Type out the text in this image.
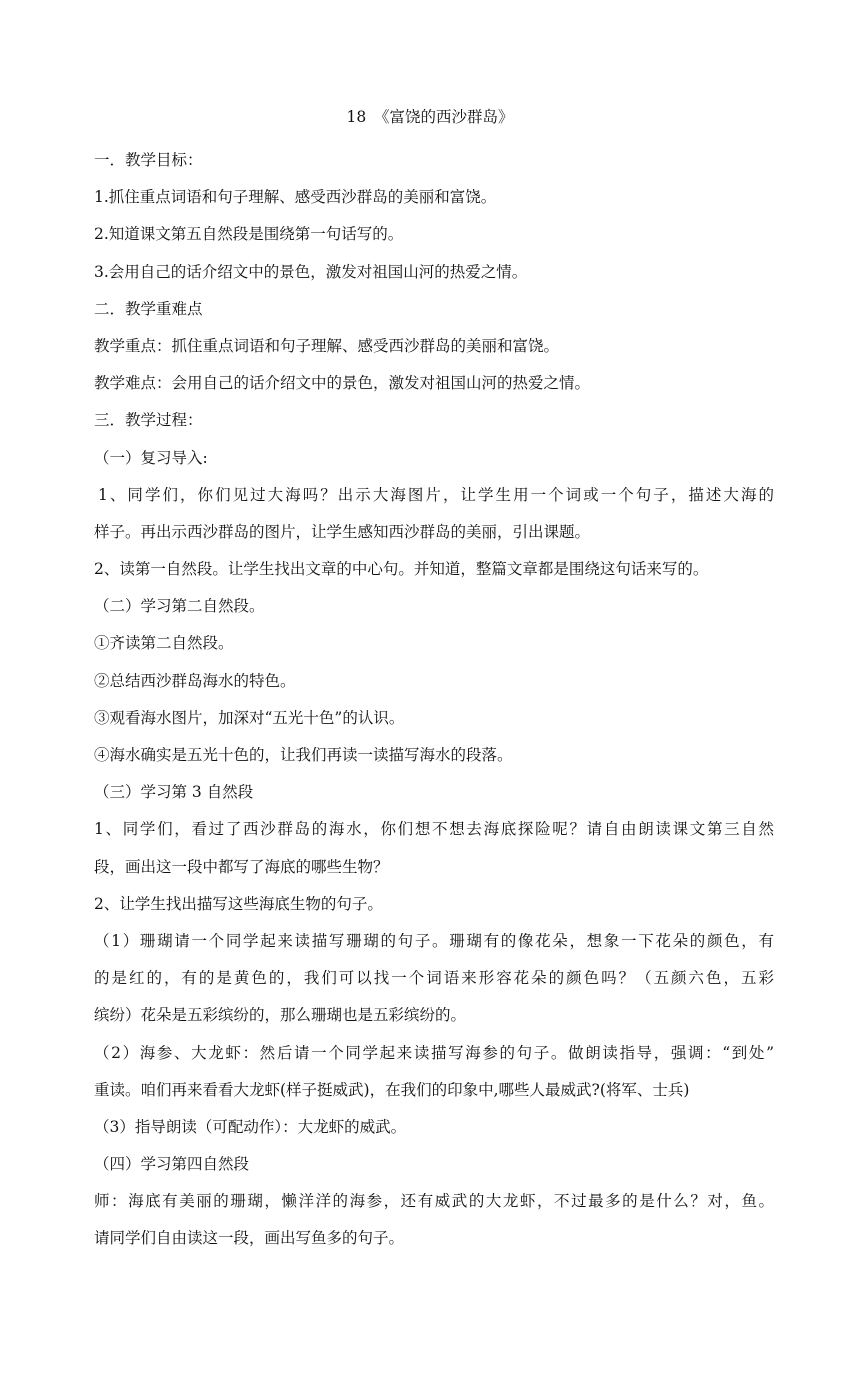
18　《富饶的西沙群岛》
一．教学目标：
1.抓住重点词语和句子理解、感受西沙群岛的美丽和富饶。
2.知道课文第五自然段是围绕第一句话写的。
3.会用自己的话介绍文中的景色，激发对祖国山河的热爱之情。
二．教学重难点
教学重点：抓住重点词语和句子理解、感受西沙群岛的美丽和富饶。
教学难点：会用自己的话介绍文中的景色，激发对祖国山河的热爱之情。
三．教学过程：
（一）复习导入:
1、同学们，你们见过大海吗？出示大海图片，让学生用一个词或一个句子，描述大海的
样子。再出示西沙群岛的图片，让学生感知西沙群岛的美丽，引出课题。
2、读第一自然段。让学生找出文章的中心句。并知道，整篇文章都是围绕这句话来写的。
（二）学习第二自然段。
①齐读第二自然段。
②总结西沙群岛海水的特色。
③观看海水图片，加深对“五光十色”的认识。
④海水确实是五光十色的，让我们再读一读描写海水的段落。
（三）学习第 3 自然段
1、同学们，看过了西沙群岛的海水，你们想不想去海底探险呢？请自由朗读课文第三自然
段，画出这一段中都写了海底的哪些生物？
2、让学生找出描写这些海底生物的句子。
（1）珊瑚请一个同学起来读描写珊瑚的句子。珊瑚有的像花朵，想象一下花朵的颜色，有
的是红的，有的是黄色的，我们可以找一个词语来形容花朵的颜色吗？（五颜六色，五彩
缤纷）花朵是五彩缤纷的，那么珊瑚也是五彩缤纷的。
（2）海参、大龙虾：然后请一个同学起来读描写海参的句子。做朗读指导，强调：“到处”
重读。咱们再来看看大龙虾(样子挺威武)，在我们的印象中,哪些人最威武?(将军、士兵)
（3）指导朗读（可配动作）：大龙虾的威武。
（四）学习第四自然段
师：海底有美丽的珊瑚，懒洋洋的海参，还有威武的大龙虾，不过最多的是什么？对，鱼。
请同学们自由读这一段，画出写鱼多的句子。
